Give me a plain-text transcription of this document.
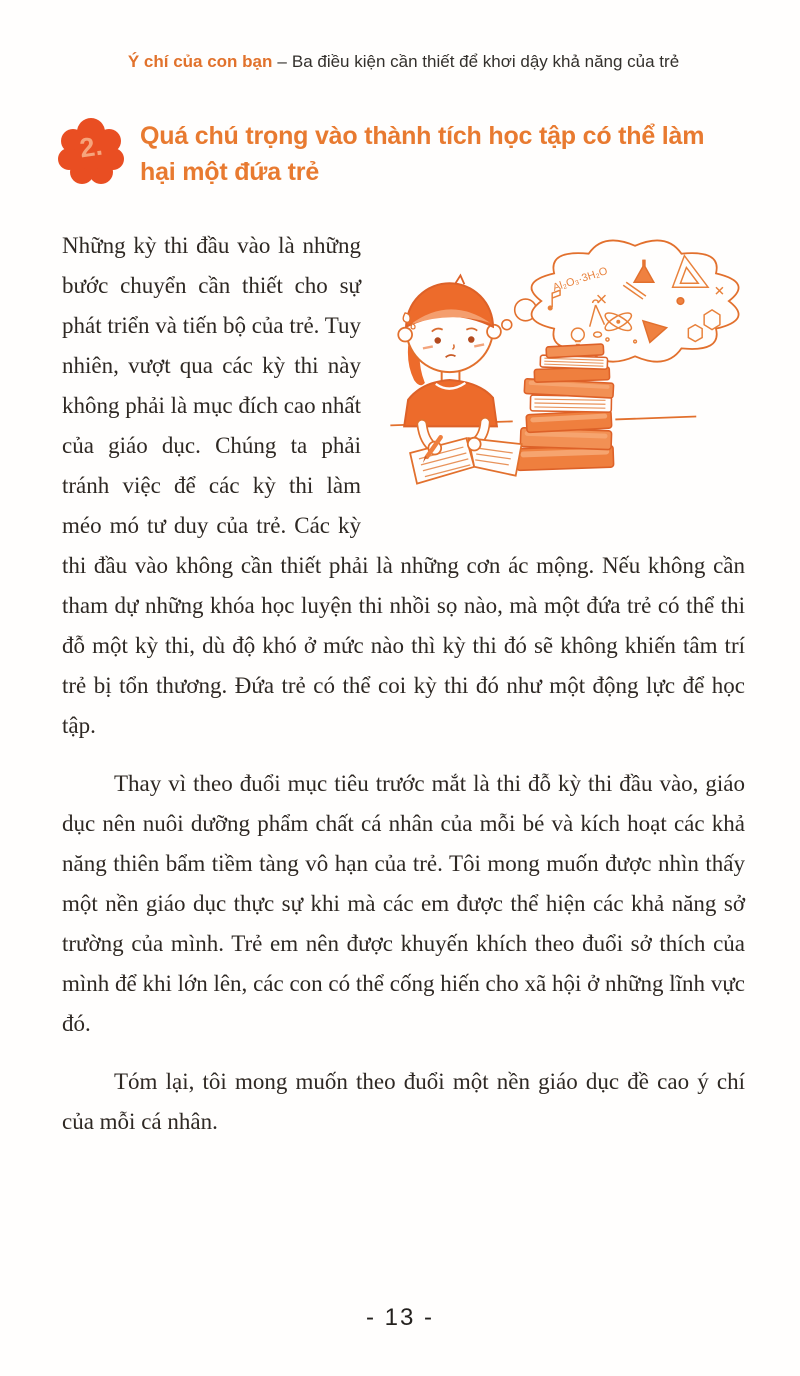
Ý chí của con bạn – Ba điều kiện cần thiết để khơi dậy khả năng của trẻ
2.	Quá chú trọng vào thành tích học tập có thể làm hại một đứa trẻ
Al₂O₃·3H₂O

Những kỳ thi đầu vào là những bước chuyển cần thiết cho sự phát triển và tiến bộ của trẻ. Tuy nhiên, vượt qua các kỳ thi này không phải là mục đích cao nhất của giáo dục. Chúng ta phải tránh việc để các kỳ thi làm méo mó tư duy của trẻ. Các kỳ thi đầu vào không cần thiết phải là những cơn ác mộng. Nếu không cần tham dự những khóa học luyện thi nhồi sọ nào, mà một đứa trẻ có thể thi đỗ một kỳ thi, dù độ khó ở mức nào thì kỳ thi đó sẽ không khiến tâm trí trẻ bị tổn thương. Đứa trẻ có thể coi kỳ thi đó như một động lực để học tập.

Thay vì theo đuổi mục tiêu trước mắt là thi đỗ kỳ thi đầu vào, giáo dục nên nuôi dưỡng phẩm chất cá nhân của mỗi bé và kích hoạt các khả năng thiên bẩm tiềm tàng vô hạn của trẻ. Tôi mong muốn được nhìn thấy một nền giáo dục thực sự khi mà các em được thể hiện các khả năng sở trường của mình. Trẻ em nên được khuyến khích theo đuổi sở thích của mình để khi lớn lên, các con có thể cống hiến cho xã hội ở những lĩnh vực đó.

Tóm lại, tôi mong muốn theo đuổi một nền giáo dục đề cao ý chí của mỗi cá nhân.

- 13 -
